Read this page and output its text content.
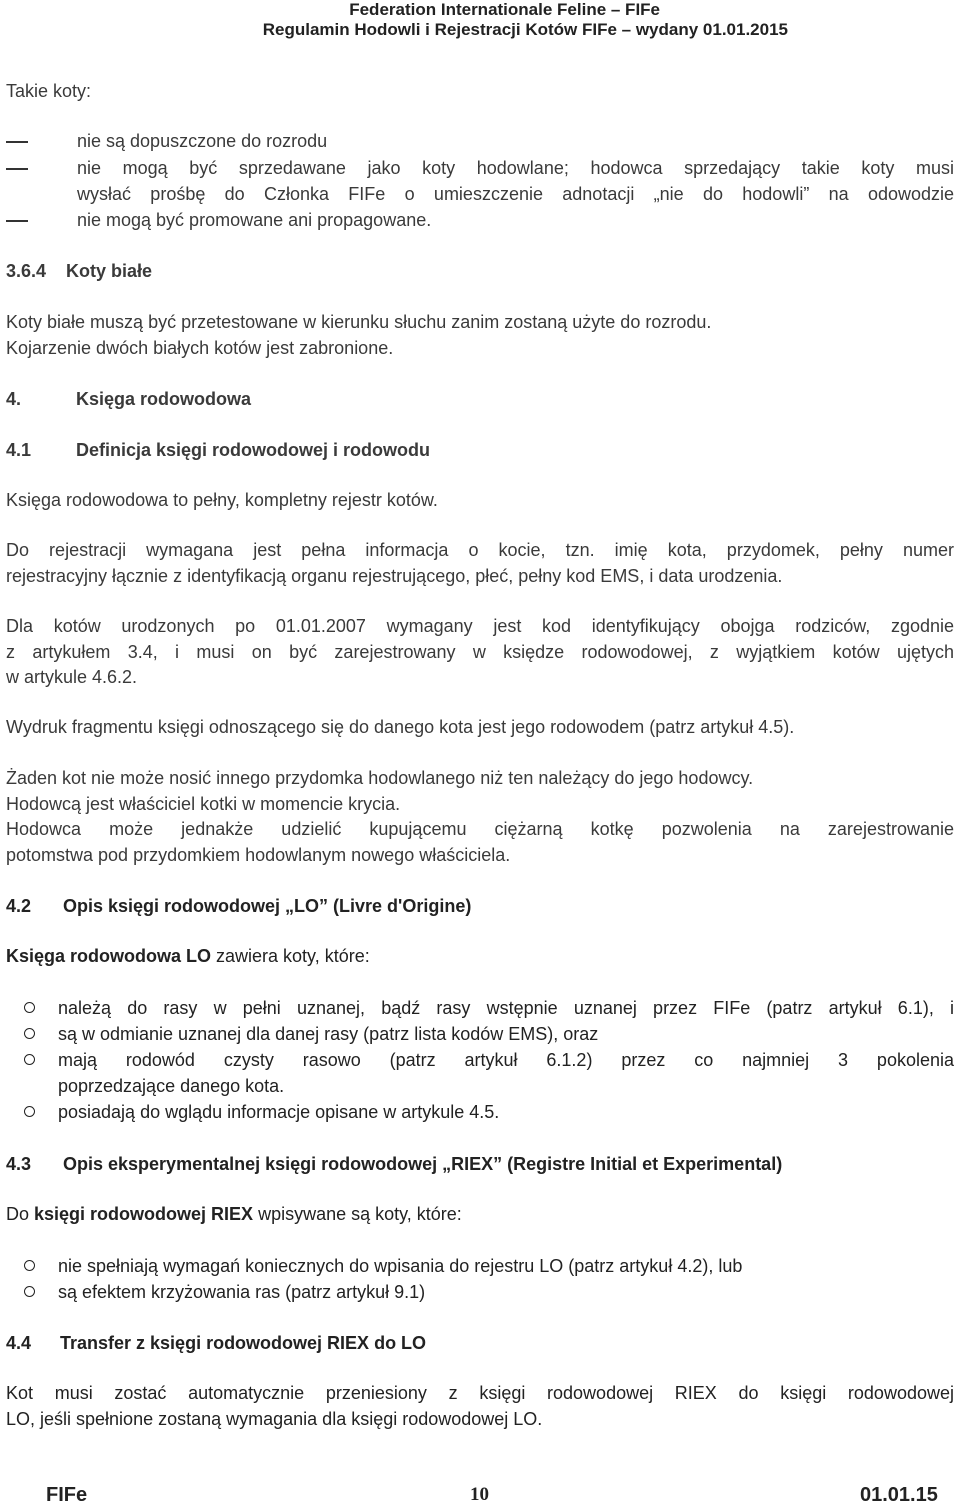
Federation Internationale Feline – FIFe
Regulamin Hodowli i Rejestracji Kotów FIFe – wydany 01.01.2015
Takie koty:
nie są dopuszczone do rozrodu
nie mogą być sprzedawane jako koty hodowlane; hodowca sprzedający takie koty musi
wysłać prośbę do Członka FIFe o umieszczenie adnotacji „nie do hodowli” na odowodzie
nie mogą być promowane ani propagowane.
3.6.4 Koty białe
Koty białe muszą być przetestowane w kierunku słuchu zanim zostaną użyte do rozrodu.
Kojarzenie dwóch białych kotów jest zabronione.
4.	Księga rodowodowa
4.1 Definicja księgi rodowodowej i rodowodu
Księga rodowodowa to pełny, kompletny rejestr kotów.
Do rejestracji wymagana jest pełna informacja o kocie, tzn. imię kota, przydomek, pełny numer
rejestracyjny łącznie z identyfikacją organu rejestrującego, płeć, pełny kod EMS, i data urodzenia.
Dla kotów urodzonych po 01.01.2007 wymagany jest kod identyfikujący obojga rodziców, zgodnie
z artykułem 3.4, i musi on być zarejestrowany w księdze rodowodowej, z wyjątkiem kotów ujętych
w artykule 4.6.2.
Wydruk fragmentu księgi odnoszącego się do danego kota jest jego rodowodem (patrz artykuł 4.5).
Żaden kot nie może nosić innego przydomka hodowlanego niż ten należący do jego hodowcy.
Hodowcą jest właściciel kotki w momencie krycia.
Hodowca może jednakże udzielić kupującemu ciężarną kotkę pozwolenia na zarejestrowanie
potomstwa pod przydomkiem hodowlanym nowego właściciela.
4.2 Opis księgi rodowodowej „LO” (Livre d'Origine)
Księga rodowodowa LO zawiera koty, które:
należą do rasy w pełni uznanej, bądź rasy wstępnie uznanej przez FIFe (patrz artykuł 6.1), i
są w odmianie uznanej dla danej rasy (patrz lista kodów EMS), oraz
mają rodowód czysty rasowo (patrz artykuł 6.1.2) przez co najmniej 3 pokolenia
poprzedzające danego kota.
posiadają do wglądu informacje opisane w artykule 4.5.
4.3 Opis eksperymentalnej księgi rodowodowej „RIEX” (Registre Initial et Experimental)
Do księgi rodowodowej RIEX wpisywane są koty, które:
nie spełniają wymagań koniecznych do wpisania do rejestru LO (patrz artykuł 4.2), lub
są efektem krzyżowania ras (patrz artykuł 9.1)
4.4 Transfer z księgi rodowodowej RIEX do LO
Kot musi zostać automatycznie przeniesiony z księgi rodowodowej RIEX do księgi rodowodowej
LO, jeśli spełnione zostaną wymagania dla księgi rodowodowej LO.
FIFe	10	01.01.15
